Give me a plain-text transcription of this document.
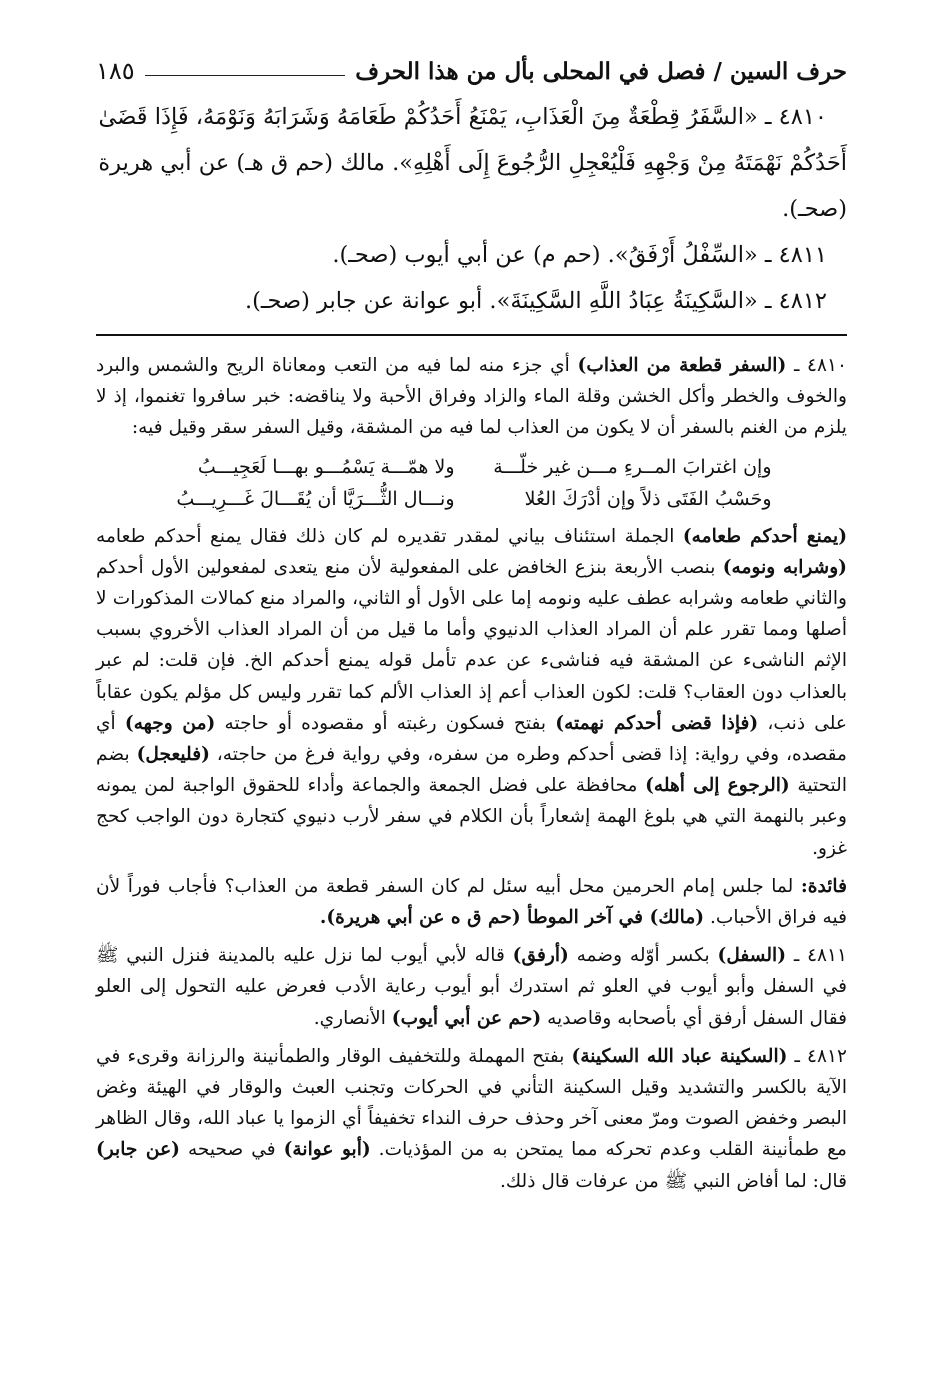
حرف السين / فصل في المحلى بأل من هذا الحرف
١٨٥

٤٨١٠ ـ «السَّفَرُ قِطْعَةٌ مِنَ الْعَذَابِ، يَمْنَعُ أَحَدُكُمْ طَعَامَهُ وَشَرَابَهُ وَنَوْمَهُ، فَإِذَا قَضَىٰ

أَحَدُكُمْ نَهْمَتَهُ مِنْ وَجْهِهِ فَلْيُعْجِلِ الرُّجُوعَ إِلَى أَهْلِهِ». مالك (حم ق هـ) عن أبي هريرة

(صحـ).

٤٨١١ ـ «السِّفْلُ أَرْفَقُ». (حم م) عن أبي أيوب (صحـ).

٤٨١٢ ـ «السَّكِينَةُ عِبَادُ اللَّهِ السَّكِينَةَ». أبو عوانة عن جابر (صحـ).

٤٨١٠ ـ (السفر قطعة من العذاب) أي جزء منه لما فيه من التعب ومعاناة الريح والشمس والبرد والخوف والخطر وأكل الخشن وقلة الماء والزاد وفراق الأحبة ولا يناقضه: خبر سافروا تغنموا، إذ لا يلزم من الغنم بالسفر أن لا يكون من العذاب لما فيه من المشقة، وقيل السفر سقر وقيل فيه:

وإن اغترابَ المــرءِ مـــن غير خلّـــة
ولا همّـــة يَسْمُـــو بهـــا لَعَجِيـــبُ
وحَسْبُ الفَتَى ذلاً وإن أدْرَكَ العُلا
ونـــال الثُّـــرَيَّا أن يُقَـــالَ غَـــرِيـــبُ

(يمنع أحدكم طعامه) الجملة استئناف بياني لمقدر تقديره لم كان ذلك فقال يمنع أحدكم طعامه (وشرابه ونومه) بنصب الأربعة بنزع الخافض على المفعولية لأن منع يتعدى لمفعولين الأول أحدكم والثاني طعامه وشرابه عطف عليه ونومه إما على الأول أو الثاني، والمراد منع كمالات المذكورات لا أصلها ومما تقرر علم أن المراد العذاب الدنيوي وأما ما قيل من أن المراد العذاب الأخروي بسبب الإثم الناشىء عن المشقة فيه فناشىء عن عدم تأمل قوله يمنع أحدكم الخ. فإن قلت: لم عبر بالعذاب دون العقاب؟ قلت: لكون العذاب أعم إذ العذاب الألم كما تقرر وليس كل مؤلم يكون عقاباً على ذنب، (فإذا قضى أحدكم نهمته) بفتح فسكون رغبته أو مقصوده أو حاجته (من وجهه) أي مقصده، وفي رواية: إذا قضى أحدكم وطره من سفره، وفي رواية فرغ من حاجته، (فليعجل) بضم التحتية (الرجوع إلى أهله) محافظة على فضل الجمعة والجماعة وأداء للحقوق الواجبة لمن يمونه وعبر بالنهمة التي هي بلوغ الهمة إشعاراً بأن الكلام في سفر لأرب دنيوي كتجارة دون الواجب كحج غزو.

فائدة: لما جلس إمام الحرمين محل أبيه سئل لم كان السفر قطعة من العذاب؟ فأجاب فوراً لأن فيه فراق الأحباب. (مالك) في آخر الموطأ (حم ق ه عن أبي هريرة).

٤٨١١ ـ (السفل) بكسر أوّله وضمه (أرفق) قاله لأبي أيوب لما نزل عليه بالمدينة فنزل النبي ﷺ في السفل وأبو أيوب في العلو ثم استدرك أبو أيوب رعاية الأدب فعرض عليه التحول إلى العلو فقال السفل أرفق أي بأصحابه وقاصديه (حم عن أبي أيوب) الأنصاري.

٤٨١٢ ـ (السكينة عباد الله السكينة) بفتح المهملة وللتخفيف الوقار والطمأنينة والرزانة وقرىء في الآية بالكسر والتشديد وقيل السكينة التأني في الحركات وتجنب العبث والوقار في الهيئة وغض البصر وخفض الصوت ومرّ معنى آخر وحذف حرف النداء تخفيفاً أي الزموا يا عباد الله، وقال الظاهر مع طمأنينة القلب وعدم تحركه مما يمتحن به من المؤذيات. (أبو عوانة) في صحيحه (عن جابر) قال: لما أفاض النبي ﷺ من عرفات قال ذلك.
